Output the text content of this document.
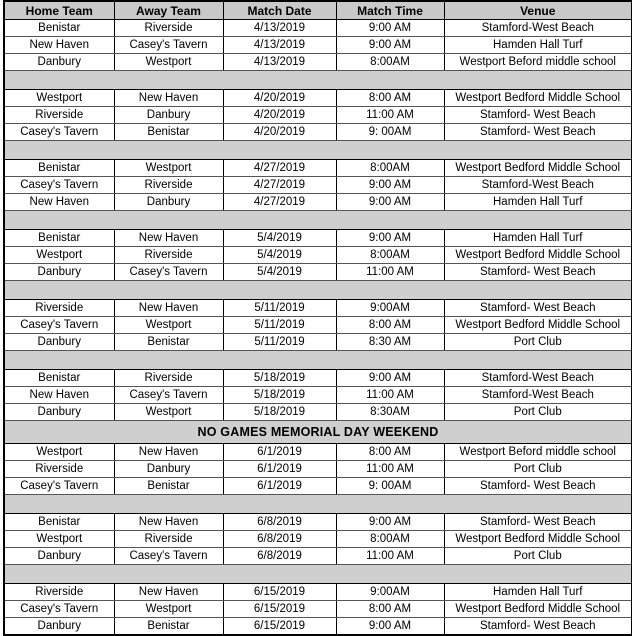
Home Team	Away Team	Match Date	Match Time	Venue
Benistar	Riverside	4/13/2019	9:00 AM	Stamford-West Beach
New Haven	Casey's Tavern	4/13/2019	9:00 AM	Hamden Hall Turf
Danbury	Westport	4/13/2019	8:00AM	Westport Beford middle school

Westport	New Haven	4/20/2019	8:00 AM	Westport Bedford Middle School
Riverside	Danbury	4/20/2019	11:00 AM	Stamford- West Beach
Casey's Tavern	Benistar	4/20/2019	9: 00AM	Stamford- West Beach

Benistar	Westport	4/27/2019	8:00AM	Westport Bedford Middle School
Casey's Tavern	Riverside	4/27/2019	9:00 AM	Stamford-West Beach
New Haven	Danbury	4/27/2019	9:00 AM	Hamden Hall Turf

Benistar	New Haven	5/4/2019	9:00 AM	Hamden Hall Turf
Westport	Riverside	5/4/2019	8:00AM	Westport Bedford Middle School
Danbury	Casey's Tavern	5/4/2019	11:00 AM	Stamford- West Beach

Riverside	New Haven	5/11/2019	9:00AM	Stamford- West Beach
Casey's Tavern	Westport	5/11/2019	8:00 AM	Westport Bedford Middle School
Danbury	Benistar	5/11/2019	8:30 AM	Port Club

Benistar	Riverside	5/18/2019	9:00 AM	Stamford-West Beach
New Haven	Casey's Tavern	5/18/2019	11:00 AM	Stamford-West Beach
Danbury	Westport	5/18/2019	8:30AM	Port Club
NO GAMES MEMORIAL DAY WEEKEND				
Westport	New Haven	6/1/2019	8:00 AM	Westport Beford middle school
Riverside	Danbury	6/1/2019	11:00 AM	Port Club
Casey's Tavern	Benistar	6/1/2019	9: 00AM	Stamford- West Beach

Benistar	New Haven	6/8/2019	9:00 AM	Stamford- West Beach
Westport	Riverside	6/8/2019	8:00AM	Westport Bedford Middle School
Danbury	Casey's Tavern	6/8/2019	11:00 AM	Port Club

Riverside	New Haven	6/15/2019	9:00AM	Hamden Hall Turf
Casey's Tavern	Westport	6/15/2019	8:00 AM	Westport Bedford Middle School
Danbury	Benistar	6/15/2019	9:00 AM	Stamford- West Beach
